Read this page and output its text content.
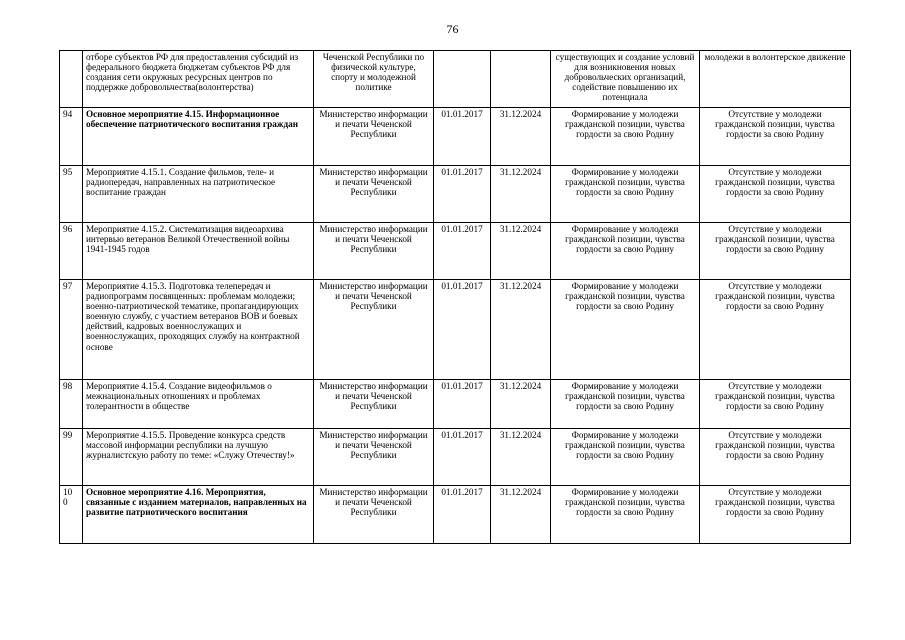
76
	отборе субъектов РФ для предоставления субсидий из федерального бюджета бюджетам субъектов РФ для создания сети окружных ресурсных центров по поддержке добровольчества(волонтерства)	Чеченской Республики по физической культуре, спорту и молодежной политике			существующих и создание условий для возникновения новых добровольческих организаций, содействие повышению их потенциала	молодежи в волонтерское движение
94	Основное мероприятие 4.15. Информационное обеспечение патриотического воспитания граждан	Министерство информации и печати Чеченской Республики	01.01.2017	31.12.2024	Формирование у молодежи гражданской позиции, чувства гордости за свою Родину	Отсутствие у молодежи гражданской позиции, чувства гордости за свою Родину
95	Мероприятие 4.15.1. Создание фильмов, теле- и радиопередач, направленных на патриотическое воспитание граждан	Министерство информации и печати Чеченской Республики	01.01.2017	31.12.2024	Формирование у молодежи гражданской позиции, чувства гордости за свою Родину	Отсутствие у молодежи гражданской позиции, чувства гордости за свою Родину
96	Мероприятие 4.15.2. Систематизация видеоархива интервью ветеранов Великой Отечественной войны 1941-1945 годов	Министерство информации и печати Чеченской Республики	01.01.2017	31.12.2024	Формирование у молодежи гражданской позиции, чувства гордости за свою Родину	Отсутствие у молодежи гражданской позиции, чувства гордости за свою Родину
97	Мероприятие 4.15.3. Подготовка телепередач и радиопрограмм посвященных: проблемам молодежи; военно-патриотической тематике, пропагандирующих военную службу, с участием ветеранов ВОВ и боевых действий, кадровых военнослужащих и военнослужащих, проходящих службу на контрактной основе	Министерство информации и печати Чеченской Республики	01.01.2017	31.12.2024	Формирование у молодежи гражданской позиции, чувства гордости за свою Родину	Отсутствие у молодежи гражданской позиции, чувства гордости за свою Родину
98	Мероприятие 4.15.4. Создание видеофильмов о межнациональных отношениях и проблемах толерантности в обществе	Министерство информации и печати Чеченской Республики	01.01.2017	31.12.2024	Формирование у молодежи гражданской позиции, чувства гордости за свою Родину	Отсутствие у молодежи гражданской позиции, чувства гордости за свою Родину
99	Мероприятие 4.15.5. Проведение конкурса средств массовой информации республики на лучшую журналистскую работу по теме: «Служу Отечеству!»	Министерство информации и печати Чеченской Республики	01.01.2017	31.12.2024	Формирование у молодежи гражданской позиции, чувства гордости за свою Родину	Отсутствие у молодежи гражданской позиции, чувства гордости за свою Родину

100	Основное мероприятие 4.16. Мероприятия, связанные с изданием материалов, направленных на развитие патриотического воспитания	Министерство информации и печати Чеченской Республики	01.01.2017	31.12.2024	Формирование у молодежи гражданской позиции, чувства гордости за свою Родину	Отсутствие у молодежи гражданской позиции, чувства гордости за свою Родину
